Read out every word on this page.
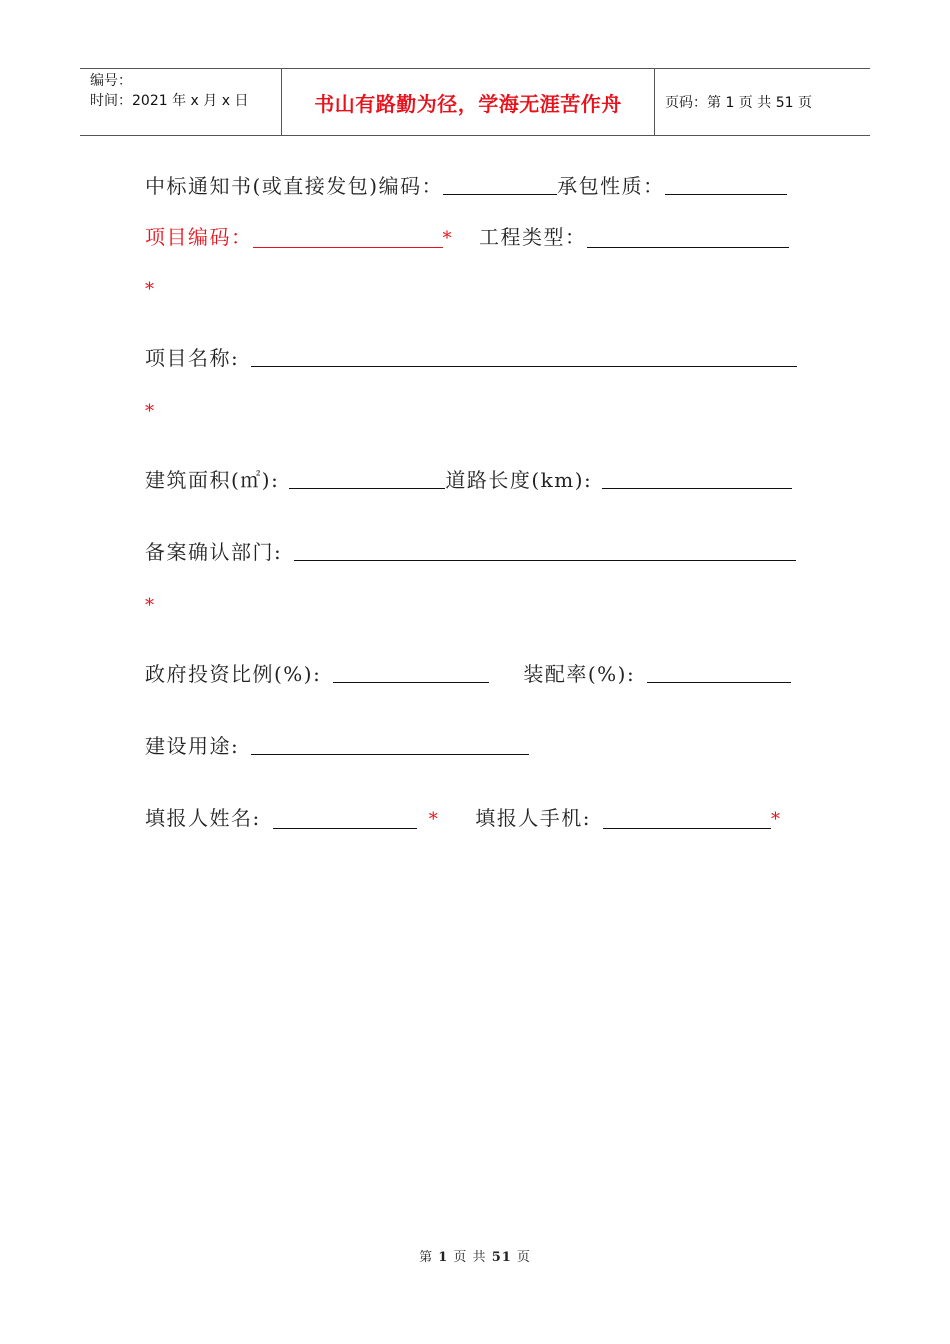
编号：
时间：2021 年 x 月 x 日	书山有路勤为径，学海无涯苦作舟	页码：第 1 页 共 51 页
中标通知书(或直接发包)编码：	承包性质：
项目编码：	* 工程类型：
*
项目名称:
*
建筑面积(㎡):	道路长度(km):
备案确认部门:
*
政府投资比例(%):	装配率(%):
建设用途:
填报人姓名:	* 填报人手机:	*
第 1 页 共 51 页
